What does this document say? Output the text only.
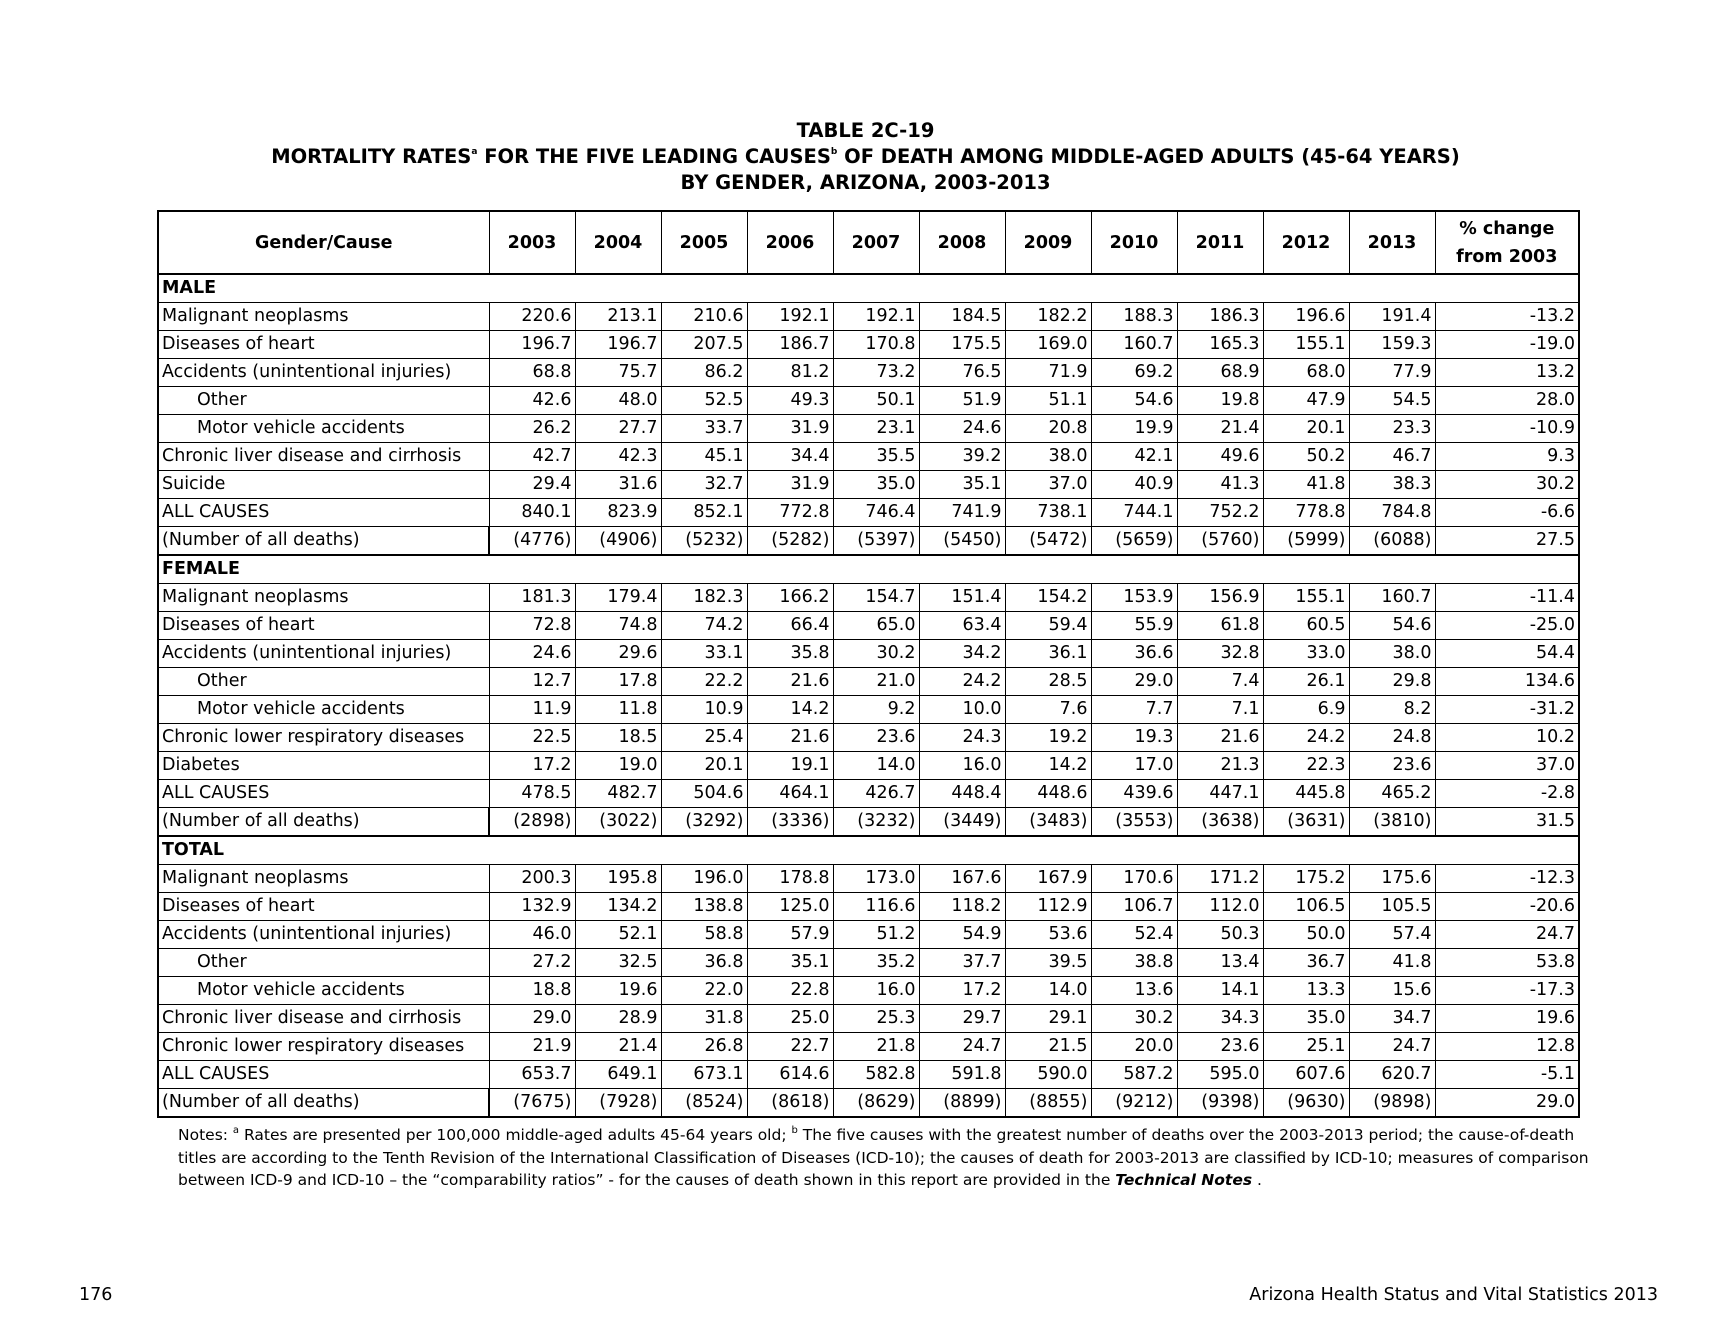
TABLE 2C-19
MORTALITY RATES$^a$ FOR THE FIVE LEADING CAUSES$^b$ OF DEATH AMONG MIDDLE-AGED ADULTS (45-64 YEARS)
BY GENDER, ARIZONA, 2003-2013
Gender/Cause	2003	2004	2005	2006	2007	2008	2009	2010	2011	2012	2013	% change
from 2003

MALE												
Malignant neoplasms	220.6	213.1	210.6	192.1	192.1	184.5	182.2	188.3	186.3	196.6	191.4	-13.2
Diseases of heart	196.7	196.7	207.5	186.7	170.8	175.5	169.0	160.7	165.3	155.1	159.3	-19.0
Accidents (unintentional injuries)	68.8	75.7	86.2	81.2	73.2	76.5	71.9	69.2	68.9	68.0	77.9	13.2
Other	42.6	48.0	52.5	49.3	50.1	51.9	51.1	54.6	19.8	47.9	54.5	28.0
Motor vehicle accidents	26.2	27.7	33.7	31.9	23.1	24.6	20.8	19.9	21.4	20.1	23.3	-10.9
Chronic liver disease and cirrhosis	42.7	42.3	45.1	34.4	35.5	39.2	38.0	42.1	49.6	50.2	46.7	9.3
Suicide	29.4	31.6	32.7	31.9	35.0	35.1	37.0	40.9	41.3	41.8	38.3	30.2
ALL CAUSES	840.1	823.9	852.1	772.8	746.4	741.9	738.1	744.1	752.2	778.8	784.8	-6.6
(Number of all deaths)	(4776)	(4906)	(5232)	(5282)	(5397)	(5450)	(5472)	(5659)	(5760)	(5999)	(6088)	27.5
FEMALE												
Malignant neoplasms	181.3	179.4	182.3	166.2	154.7	151.4	154.2	153.9	156.9	155.1	160.7	-11.4
Diseases of heart	72.8	74.8	74.2	66.4	65.0	63.4	59.4	55.9	61.8	60.5	54.6	-25.0
Accidents (unintentional injuries)	24.6	29.6	33.1	35.8	30.2	34.2	36.1	36.6	32.8	33.0	38.0	54.4
Other	12.7	17.8	22.2	21.6	21.0	24.2	28.5	29.0	7.4	26.1	29.8	134.6
Motor vehicle accidents	11.9	11.8	10.9	14.2	9.2	10.0	7.6	7.7	7.1	6.9	8.2	-31.2
Chronic lower respiratory diseases	22.5	18.5	25.4	21.6	23.6	24.3	19.2	19.3	21.6	24.2	24.8	10.2
Diabetes	17.2	19.0	20.1	19.1	14.0	16.0	14.2	17.0	21.3	22.3	23.6	37.0
ALL CAUSES	478.5	482.7	504.6	464.1	426.7	448.4	448.6	439.6	447.1	445.8	465.2	-2.8
(Number of all deaths)	(2898)	(3022)	(3292)	(3336)	(3232)	(3449)	(3483)	(3553)	(3638)	(3631)	(3810)	31.5
TOTAL												
Malignant neoplasms	200.3	195.8	196.0	178.8	173.0	167.6	167.9	170.6	171.2	175.2	175.6	-12.3
Diseases of heart	132.9	134.2	138.8	125.0	116.6	118.2	112.9	106.7	112.0	106.5	105.5	-20.6
Accidents (unintentional injuries)	46.0	52.1	58.8	57.9	51.2	54.9	53.6	52.4	50.3	50.0	57.4	24.7
Other	27.2	32.5	36.8	35.1	35.2	37.7	39.5	38.8	13.4	36.7	41.8	53.8
Motor vehicle accidents	18.8	19.6	22.0	22.8	16.0	17.2	14.0	13.6	14.1	13.3	15.6	-17.3
Chronic liver disease and cirrhosis	29.0	28.9	31.8	25.0	25.3	29.7	29.1	30.2	34.3	35.0	34.7	19.6
Chronic lower respiratory diseases	21.9	21.4	26.8	22.7	21.8	24.7	21.5	20.0	23.6	25.1	24.7	12.8
ALL CAUSES	653.7	649.1	673.1	614.6	582.8	591.8	590.0	587.2	595.0	607.6	620.7	-5.1
(Number of all deaths)	(7675)	(7928)	(8524)	(8618)	(8629)	(8899)	(8855)	(9212)	(9398)	(9630)	(9898)	29.0
Notes: $^a$ Rates are presented per 100,000 middle-aged adults 45-64 years old; $^b$ The five causes with the greatest number of deaths over the 2003-2013 period; the cause-of-death titles are according to the Tenth Revision of the International Classification of Diseases (ICD-10); the causes of death for 2003-2013 are classified by ICD-10; measures of comparison between ICD-9 and ICD-10 – the “comparability ratios” - for the causes of death shown in this report are provided in the Technical Notes .
176	Arizona Health Status and Vital Statistics 2013
